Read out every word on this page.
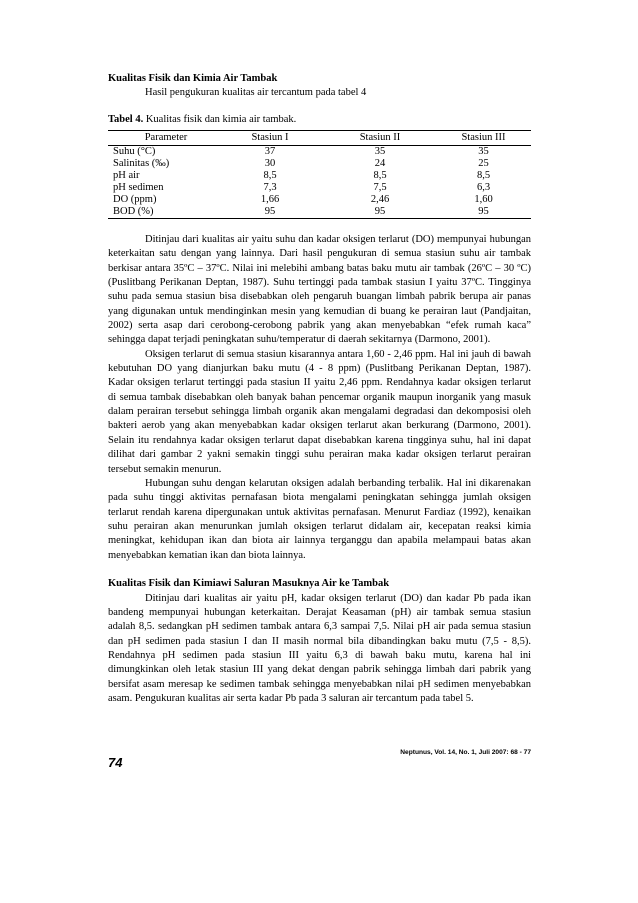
Kualitas Fisik dan Kimia Air Tambak
Hasil pengukuran kualitas air tercantum pada tabel 4
Tabel 4. Kualitas fisik dan kimia air tambak.
Parameter	Stasiun I	Stasiun II	Stasiun III
Suhu (°C)	37	35	35
Salinitas (‰)	30	24	25
pH air	8,5	8,5	8,5
pH sedimen	7,3	7,5	6,3
DO (ppm)	1,66	2,46	1,60
BOD (%)	95	95	95
Ditinjau dari kualitas air yaitu suhu dan kadar oksigen terlarut (DO) mempunyai hubungan
keterkaitan satu dengan yang lainnya. Dari hasil pengukuran di semua stasiun suhu air tambak
berkisar antara 35ºC – 37ºC. Nilai ini melebihi ambang batas baku mutu air tambak (26ºC – 30 ºC)
(Puslitbang Perikanan Deptan, 1987). Suhu tertinggi pada tambak stasiun I yaitu 37ºC. Tingginya
suhu pada semua stasiun bisa disebabkan oleh pengaruh buangan limbah pabrik berupa air panas
yang digunakan untuk mendinginkan mesin yang kemudian di buang ke perairan laut (Pandjaitan,
2002) serta asap dari cerobong-cerobong pabrik yang akan menyebabkan “efek rumah kaca”
sehingga dapat terjadi peningkatan suhu/temperatur di daerah sekitarnya (Darmono, 2001).
Oksigen terlarut di semua stasiun kisarannya antara 1,60 - 2,46 ppm. Hal ini jauh di bawah
kebutuhan DO yang dianjurkan baku mutu (4 - 8 ppm) (Puslitbang Perikanan Deptan, 1987).
Kadar oksigen terlarut tertinggi pada stasiun II yaitu 2,46 ppm. Rendahnya kadar oksigen terlarut
di semua tambak disebabkan oleh banyak bahan pencemar organik maupun inorganik yang masuk
dalam perairan tersebut sehingga limbah organik akan mengalami degradasi dan dekomposisi oleh
bakteri aerob yang akan menyebabkan kadar oksigen terlarut akan berkurang (Darmono, 2001).
Selain itu rendahnya kadar oksigen terlarut dapat disebabkan karena tingginya suhu, hal ini dapat
dilihat dari gambar 2 yakni semakin tinggi suhu perairan maka kadar oksigen terlarut perairan
tersebut semakin menurun.
Hubungan suhu dengan kelarutan oksigen adalah berbanding terbalik. Hal ini dikarenakan
pada suhu tinggi aktivitas pernafasan biota mengalami peningkatan sehingga jumlah oksigen
terlarut rendah karena dipergunakan untuk aktivitas pernafasan. Menurut Fardiaz (1992), kenaikan
suhu perairan akan menurunkan jumlah oksigen terlarut didalam air, kecepatan reaksi kimia
meningkat, kehidupan ikan dan biota air lainnya terganggu dan apabila melampaui batas akan
menyebabkan kematian ikan dan biota lainnya.
Kualitas Fisik dan Kimiawi Saluran Masuknya Air ke Tambak
Ditinjau dari kualitas air yaitu pH, kadar oksigen terlarut (DO) dan kadar Pb pada ikan
bandeng mempunyai hubungan keterkaitan. Derajat Keasaman (pH) air tambak semua stasiun
adalah 8,5. sedangkan pH sedimen tambak antara 6,3 sampai 7,5. Nilai pH air pada semua stasiun
dan pH sedimen pada stasiun I dan II masih normal bila dibandingkan baku mutu (7,5 - 8,5).
Rendahnya pH sedimen pada stasiun III yaitu 6,3 di bawah baku mutu, karena hal ini
dimungkinkan oleh letak stasiun III yang dekat dengan pabrik sehingga limbah dari pabrik yang
bersifat asam meresap ke sedimen tambak sehingga menyebabkan nilai pH sedimen menyebabkan
asam. Pengukuran kualitas air serta kadar Pb pada 3 saluran air tercantum pada tabel 5.
74
Neptunus, Vol. 14, No. 1, Juli 2007: 68 - 77
